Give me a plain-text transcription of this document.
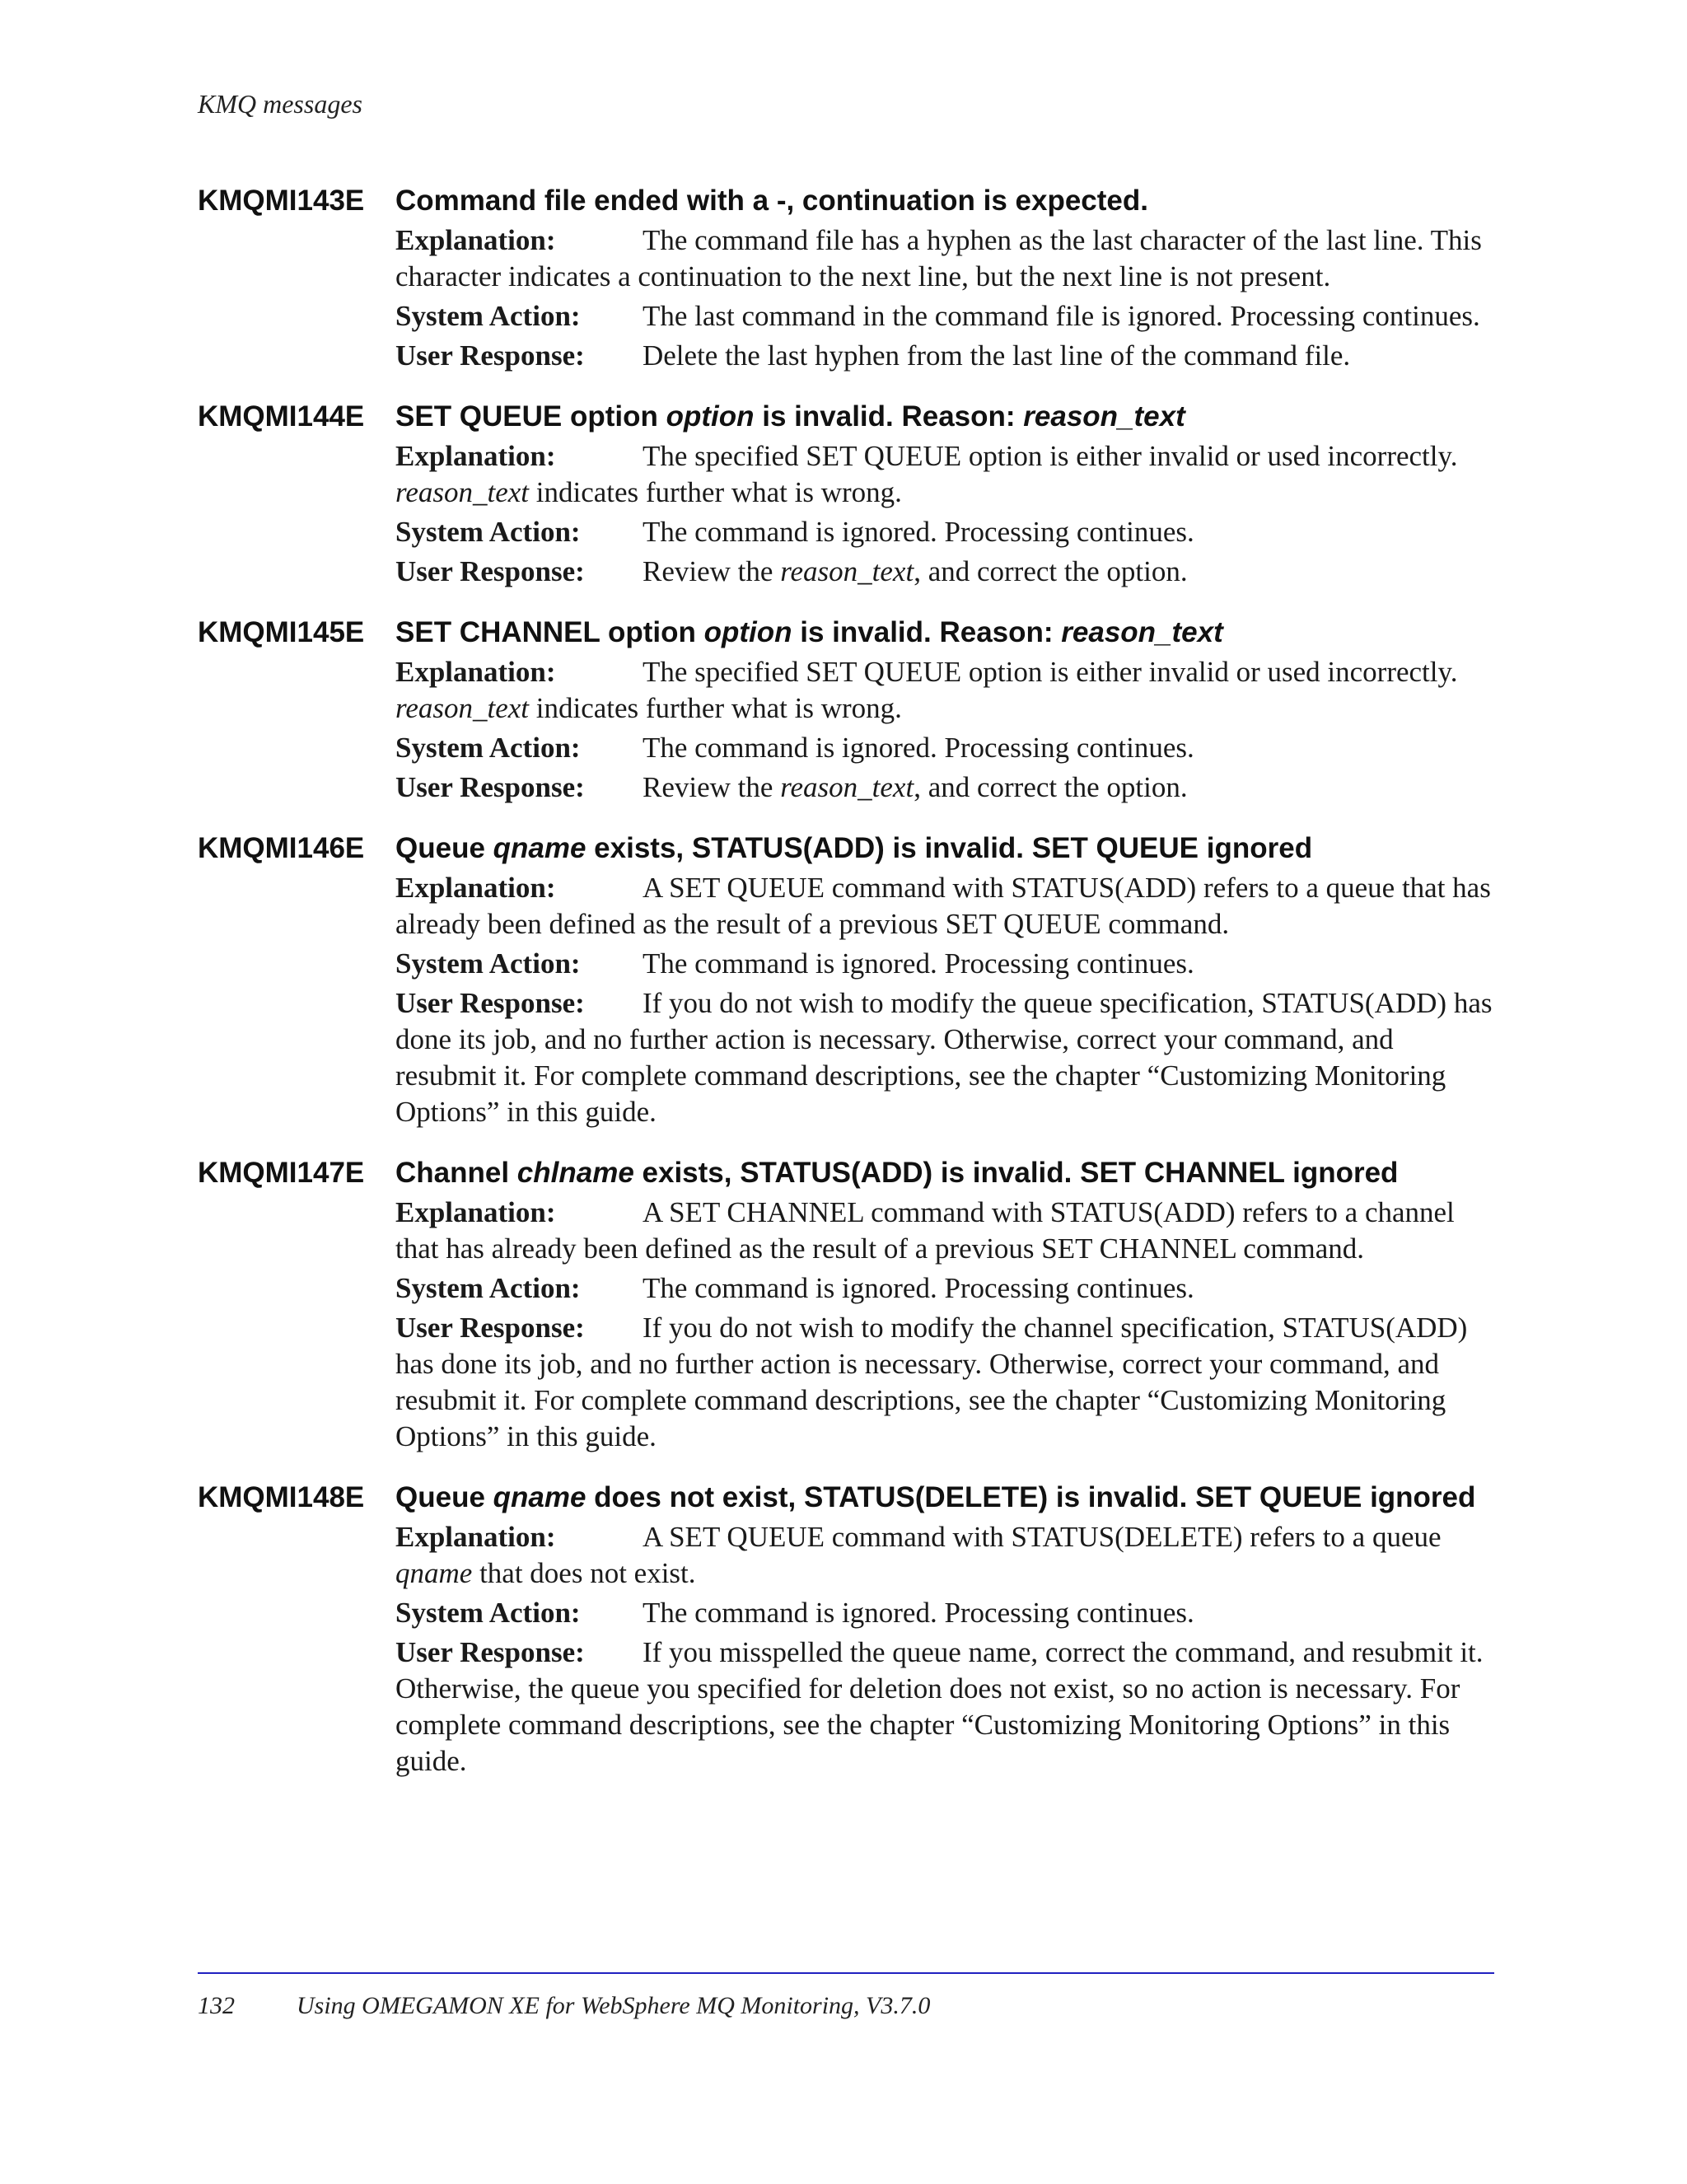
KMQ messages
KMQMI143E	Command file ended with a -, continuation is expected.
Explanation:	The command file has a hyphen as the last character of the last line. This character indicates a continuation to the next line, but the next line is not present.
System Action: The last command in the command file is ignored. Processing continues.
User Response: Delete the last hyphen from the last line of the command file.
KMQMI144E	SET QUEUE option option is invalid. Reason: reason_text
Explanation:	The specified SET QUEUE option is either invalid or used incorrectly. reason_text indicates further what is wrong.
System Action: The command is ignored. Processing continues.
User Response: Review the reason_text, and correct the option.
KMQMI145E	SET CHANNEL option option is invalid. Reason: reason_text
Explanation:	The specified SET QUEUE option is either invalid or used incorrectly. reason_text indicates further what is wrong.
System Action: The command is ignored. Processing continues.
User Response: Review the reason_text, and correct the option.
KMQMI146E	Queue qname exists, STATUS(ADD) is invalid. SET QUEUE ignored
Explanation:	A SET QUEUE command with STATUS(ADD) refers to a queue that has already been defined as the result of a previous SET QUEUE command.
System Action: The command is ignored. Processing continues.
User Response: If you do not wish to modify the queue specification, STATUS(ADD) has done its job, and no further action is necessary. Otherwise, correct your command, and resubmit it. For complete command descriptions, see the chapter “Customizing Monitoring Options” in this guide.
KMQMI147E	Channel chlname exists, STATUS(ADD) is invalid. SET CHANNEL ignored
Explanation:	A SET CHANNEL command with STATUS(ADD) refers to a channel that has already been defined as the result of a previous SET CHANNEL command.
System Action: The command is ignored. Processing continues.
User Response: If you do not wish to modify the channel specification, STATUS(ADD) has done its job, and no further action is necessary. Otherwise, correct your command, and resubmit it. For complete command descriptions, see the chapter “Customizing Monitoring Options” in this guide.
KMQMI148E	Queue qname does not exist, STATUS(DELETE) is invalid. SET QUEUE ignored
Explanation:	A SET QUEUE command with STATUS(DELETE) refers to a queue qname that does not exist.
System Action: The command is ignored. Processing continues.
User Response: If you misspelled the queue name, correct the command, and resubmit it. Otherwise, the queue you specified for deletion does not exist, so no action is necessary. For complete command descriptions, see the chapter “Customizing Monitoring Options” in this guide.
132	Using OMEGAMON XE for WebSphere MQ Monitoring, V3.7.0
